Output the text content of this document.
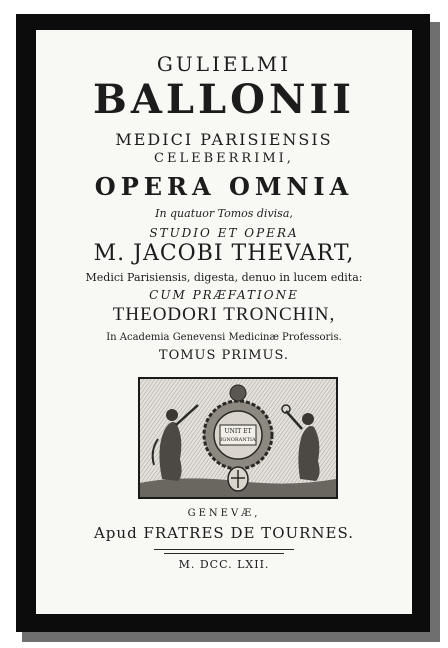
GULIELMI
BALLONII
MEDICI PARISIENSIS
CELEBERRIMI,
OPERA OMNIA
In quatuor Tomos divisa,
STUDIO ET OPERA
M. JACOBI THEVART,
Medici Parisiensis, digesta, denuo in lucem edita:
CUM PRÆFATIONE
THEODORI TRONCHIN,
In Academia Genevensi Medicinæ Professoris.
TOMUS PRIMUS.
UNIT ET
IGNORANTIA
GENEVÆ,
Apud FRATRES DE TOURNES.
M. DCC. LXII.
